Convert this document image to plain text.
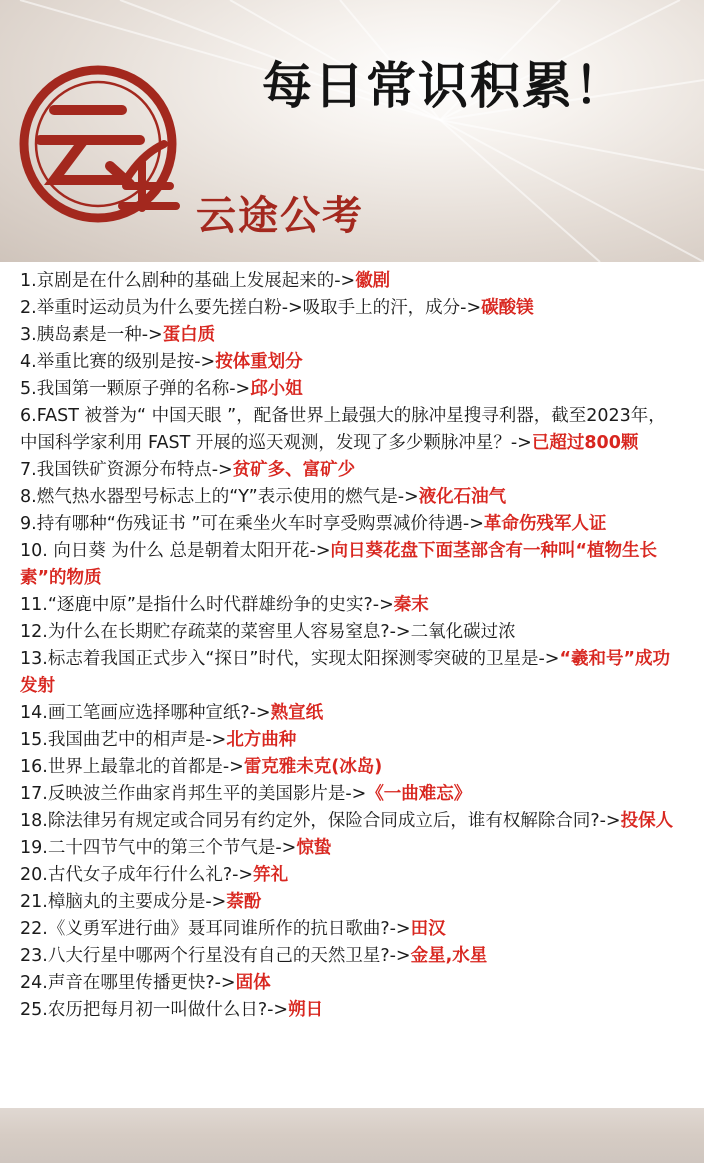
每日常识积累！
云途公考
1.京剧是在什么剧种的基础上发展起来的->徽剧
2.举重时运动员为什么要先搓白粉->吸取手上的汗，成分->碳酸镁
3.胰岛素是一种->蛋白质
4.举重比赛的级别是按->按体重划分
5.我国第一颗原子弹的名称->邱小姐
6.FAST 被誉为“ 中国天眼 ”，配备世界上最强大的脉冲星搜寻利器，截至2023年， 中国科学家利用 FAST 开展的巡天观测，发现了多少颗脉冲星？->已超过800颗
7.我国铁矿资源分布特点->贫矿多、富矿少
8.燃气热水器型号标志上的“Y”表示使用的燃气是->液化石油气
9.持有哪种“伤残证书 ”可在乘坐火车时享受购票减价待遇->革命伤残军人证
10. 向日葵 为什么 总是朝着太阳开花->向日葵花盘下面茎部含有一种叫“植物生长素”的物质
11.“逐鹿中原”是指什么时代群雄纷争的史实?->秦末
12.为什么在长期贮存疏菜的菜窖里人容易窒息?->二氧化碳过浓
13.标志着我国正式步入“探日”时代，实现太阳探测零突破的卫星是->“羲和号”成功发射
14.画工笔画应选择哪种宣纸?->熟宣纸
15.我国曲艺中的相声是->北方曲种
16.世界上最靠北的首都是->雷克雅未克(冰岛)
17.反映波兰作曲家肖邦生平的美国影片是->《一曲难忘》
18.除法律另有规定或合同另有约定外，保险合同成立后，谁有权解除合同?->投保人
19.二十四节气中的第三个节气是->惊蛰
20.古代女子成年行什么礼?->笄礼
21.樟脑丸的主要成分是->萘酚
22.《义勇军进行曲》聂耳同谁所作的抗日歌曲?->田汉
23.八大行星中哪两个行星没有自己的天然卫星?->金星,水星
24.声音在哪里传播更快?->固体
25.农历把每月初一叫做什么日?->朔日
